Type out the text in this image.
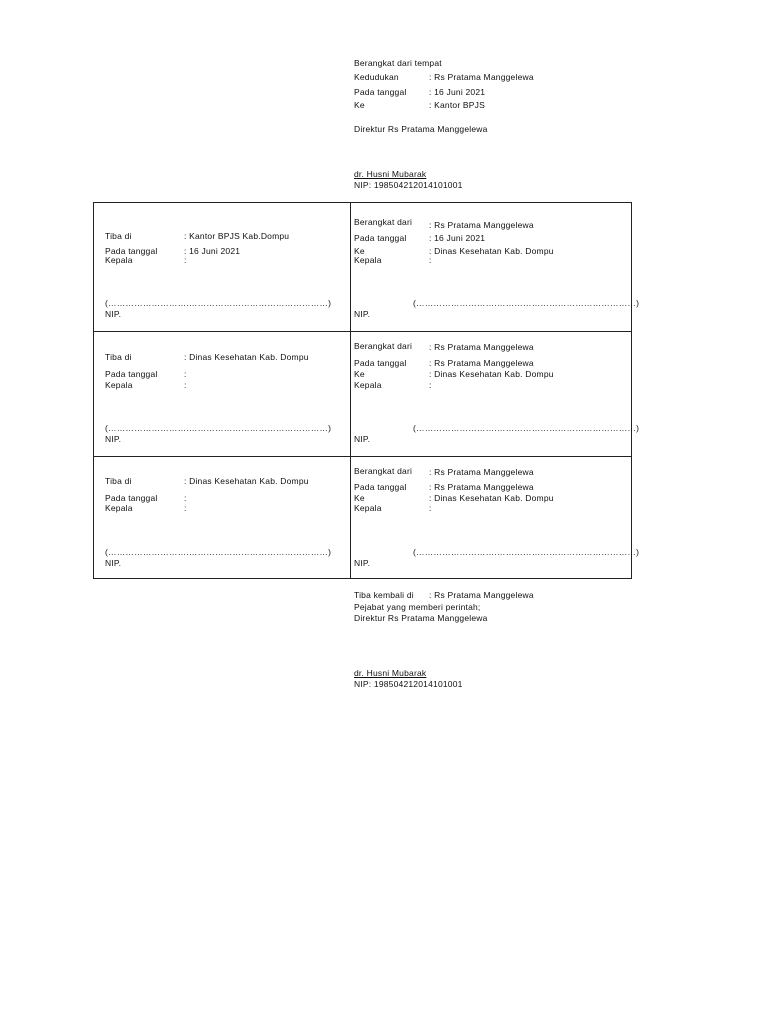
Berangkat dari tempat
Kedudukan	: Rs Pratama Manggelewa
Pada tanggal	: 16 Juni 2021
Ke	: Kantor BPJS
Direktur Rs Pratama Manggelewa
dr. Husni Mubarak
NIP: 198504212014101001
Tiba di	: Kantor BPJS Kab.Dompu
Pada tanggal	: 16 Juni 2021
Kepala	:
(……………………….…………………………………………)
NIP.
Berangkat dari : Rs Pratama Manggelewa
Pada tanggal	: 16 Juni 2021
Ke	: Dinas Kesehatan Kab. Dompu
Kepala	:
(……………………….…………………………………………)
NIP.
Tiba di	: Dinas Kesehatan Kab. Dompu
Pada tanggal	:
Kepala	:
(……………………….…………………………………………)
NIP.
Berangkat dari : Rs Pratama Manggelewa
Pada tanggal	: Rs Pratama Manggelewa
Ke	: Dinas Kesehatan Kab. Dompu
Kepala	:
(……………………….…………………………………………)
NIP.
Tiba di	: Dinas Kesehatan Kab. Dompu
Pada tanggal	:
Kepala	:
(……………………….…………………………………………)
NIP.
Berangkat dari : Rs Pratama Manggelewa
Pada tanggal	: Rs Pratama Manggelewa
Ke	: Dinas Kesehatan Kab. Dompu
Kepala	:
(……………………….…………………………………………)
NIP.
Tiba kembali di : Rs Pratama Manggelewa
Pejabat yang memberi perintah;
Direktur Rs Pratama Manggelewa
dr. Husni Mubarak
NIP: 198504212014101001
